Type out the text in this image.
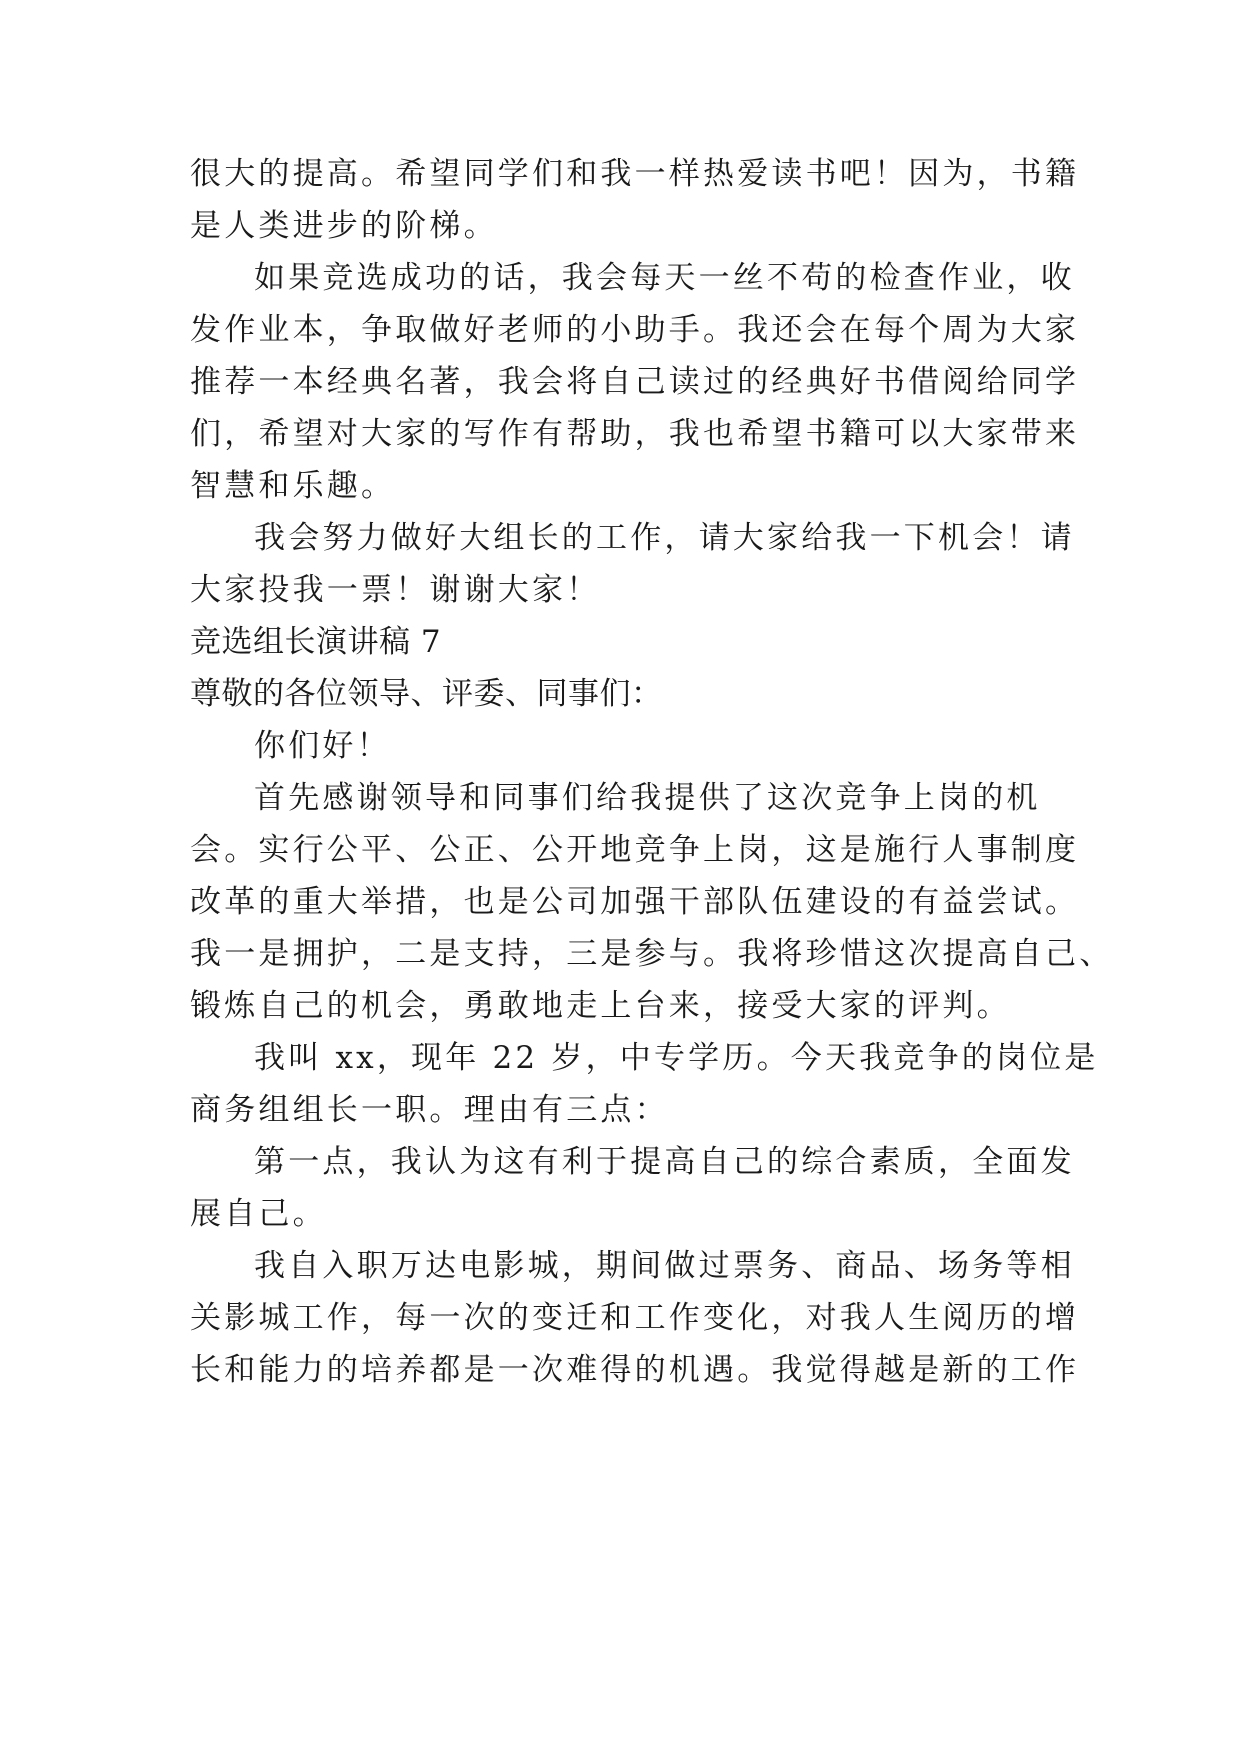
很大的提高。希望同学们和我一样热爱读书吧！因为，书籍
是人类进步的阶梯。
如果竞选成功的话，我会每天一丝不苟的检查作业，收
发作业本，争取做好老师的小助手。我还会在每个周为大家
推荐一本经典名著，我会将自己读过的经典好书借阅给同学
们，希望对大家的写作有帮助，我也希望书籍可以大家带来
智慧和乐趣。
我会努力做好大组长的工作，请大家给我一下机会！请
大家投我一票！谢谢大家！
竞选组长演讲稿 7
尊敬的各位领导、评委、同事们：
你们好！
首先感谢领导和同事们给我提供了这次竞争上岗的机
会。实行公平、公正、公开地竞争上岗，这是施行人事制度
改革的重大举措，也是公司加强干部队伍建设的有益尝试。
我一是拥护，二是支持，三是参与。我将珍惜这次提高自己、
锻炼自己的机会，勇敢地走上台来，接受大家的评判。
我叫 xx，现年 22 岁，中专学历。今天我竞争的岗位是
商务组组长一职。理由有三点：
第一点，我认为这有利于提高自己的综合素质，全面发
展自己。
我自入职万达电影城，期间做过票务、商品、场务等相
关影城工作，每一次的变迁和工作变化，对我人生阅历的增
长和能力的培养都是一次难得的机遇。我觉得越是新的工作
